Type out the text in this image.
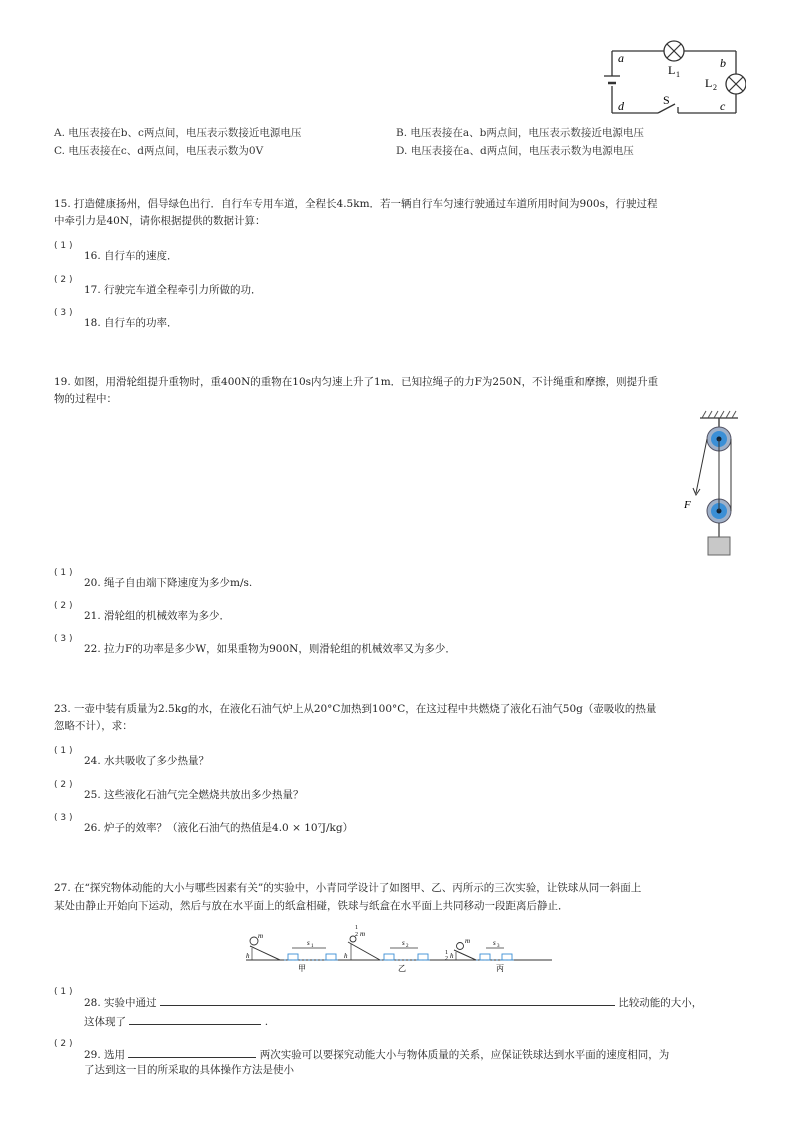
a
d
b
c
L 1
L 2
S
A. 电压表接在b、c两点间，电压表示数接近电源电压	B. 电压表接在a、b两点间，电压表示数接近电源电压
C. 电压表接在c、d两点间，电压表示数为0V	D. 电压表接在a、d两点间，电压表示数为电源电压
15. 打造健康扬州，倡导绿色出行．自行车专用车道，全程长4.5km．若一辆自行车匀速行驶通过车道所用时间为900s，行驶过程
中牵引力是40N，请你根据提供的数据计算：
( 1 )
16. 自行车的速度．
( 2 )
17. 行驶完车道全程牵引力所做的功．
( 3 )
18. 自行车的功率．
19. 如图，用滑轮组提升重物时，重400N的重物在10s内匀速上升了1m．已知拉绳子的力F为250N，不计绳重和摩擦，则提升重
物的过程中：
F
( 1 )
20. 绳子自由端下降速度为多少m/s.
( 2 )
21. 滑轮组的机械效率为多少．
( 3 )
22. 拉力F的功率是多少W，如果重物为900N，则滑轮组的机械效率又为多少．
23. 一壶中装有质量为2.5kg的水，在液化石油气炉上从20°C加热到100°C，在这过程中共燃烧了液化石油气50g（壶吸收的热量
忽略不计），求：
( 1 )
24. 水共吸收了多少热量？
( 2 )
25. 这些液化石油气完全燃烧共放出多少热量？
( 3 )
26. 炉子的效率？（液化石油气的热值是4.0 × 10⁷J/kg）
27. 在“探究物体动能的大小与哪些因素有关”的实验中，小青同学设计了如图甲、乙、丙所示的三次实验，让铁球从同一斜面上
某处由静止开始向下运动，然后与放在水平面上的纸盒相碰，铁球与纸盒在水平面上共同移动一段距离后静止．
m
h
1
2 m
h
m
1
2 h
s 1	s 2	s 3
甲	乙	丙
( 1 )
28. 实验中通过	比较动能的大小，
这体现了	.
( 2 )
29. 选用	两次实验可以要探究动能大小与物体质量的关系，应保证铁球达到水平面的速度相同，为
了达到这一目的所采取的具体操作方法是使小
